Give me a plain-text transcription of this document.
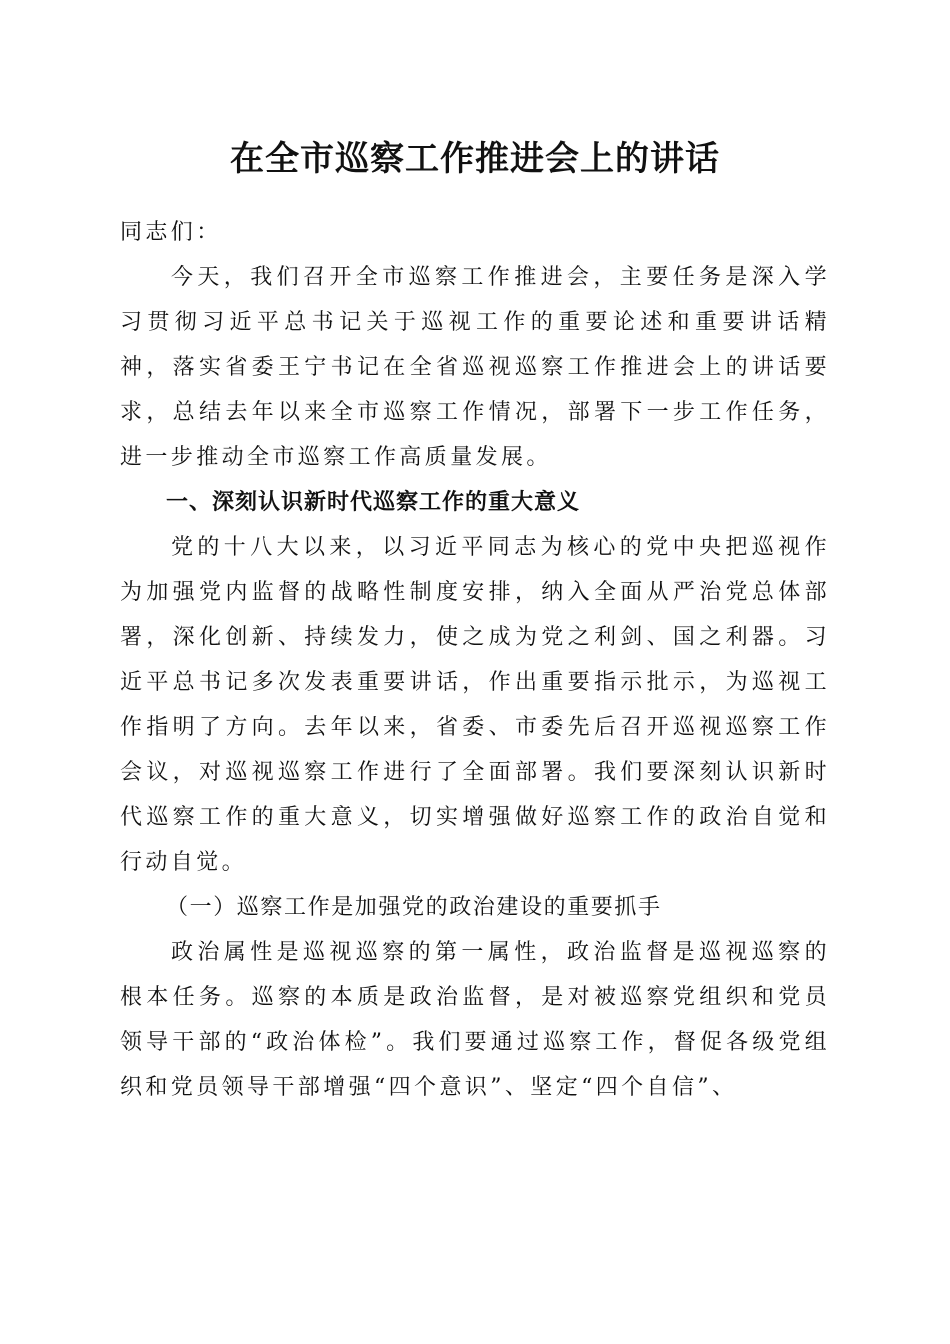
在全市巡察工作推进会上的讲话

同志们：

今天，我们召开全市巡察工作推进会，主要任务是深入学习贯彻习近平总书记关于巡视工作的重要论述和重要讲话精神，落实省委王宁书记在全省巡视巡察工作推进会上的讲话要求，总结去年以来全市巡察工作情况，部署下一步工作任务，进一步推动全市巡察工作高质量发展。

一、深刻认识新时代巡察工作的重大意义

党的十八大以来，以习近平同志为核心的党中央把巡视作为加强党内监督的战略性制度安排，纳入全面从严治党总体部署，深化创新、持续发力，使之成为党之利剑、国之利器。习近平总书记多次发表重要讲话，作出重要指示批示，为巡视工作指明了方向。去年以来，省委、市委先后召开巡视巡察工作会议，对巡视巡察工作进行了全面部署。我们要深刻认识新时代巡察工作的重大意义，切实增强做好巡察工作的政治自觉和行动自觉。

（一）巡察工作是加强党的政治建设的重要抓手

政治属性是巡视巡察的第一属性，政治监督是巡视巡察的根本任务。巡察的本质是政治监督，是对被巡察党组织和党员领导干部的“政治体检”。我们要通过巡察工作，督促各级党组织和党员领导干部增强“四个意识”、坚定“四个自信”、
